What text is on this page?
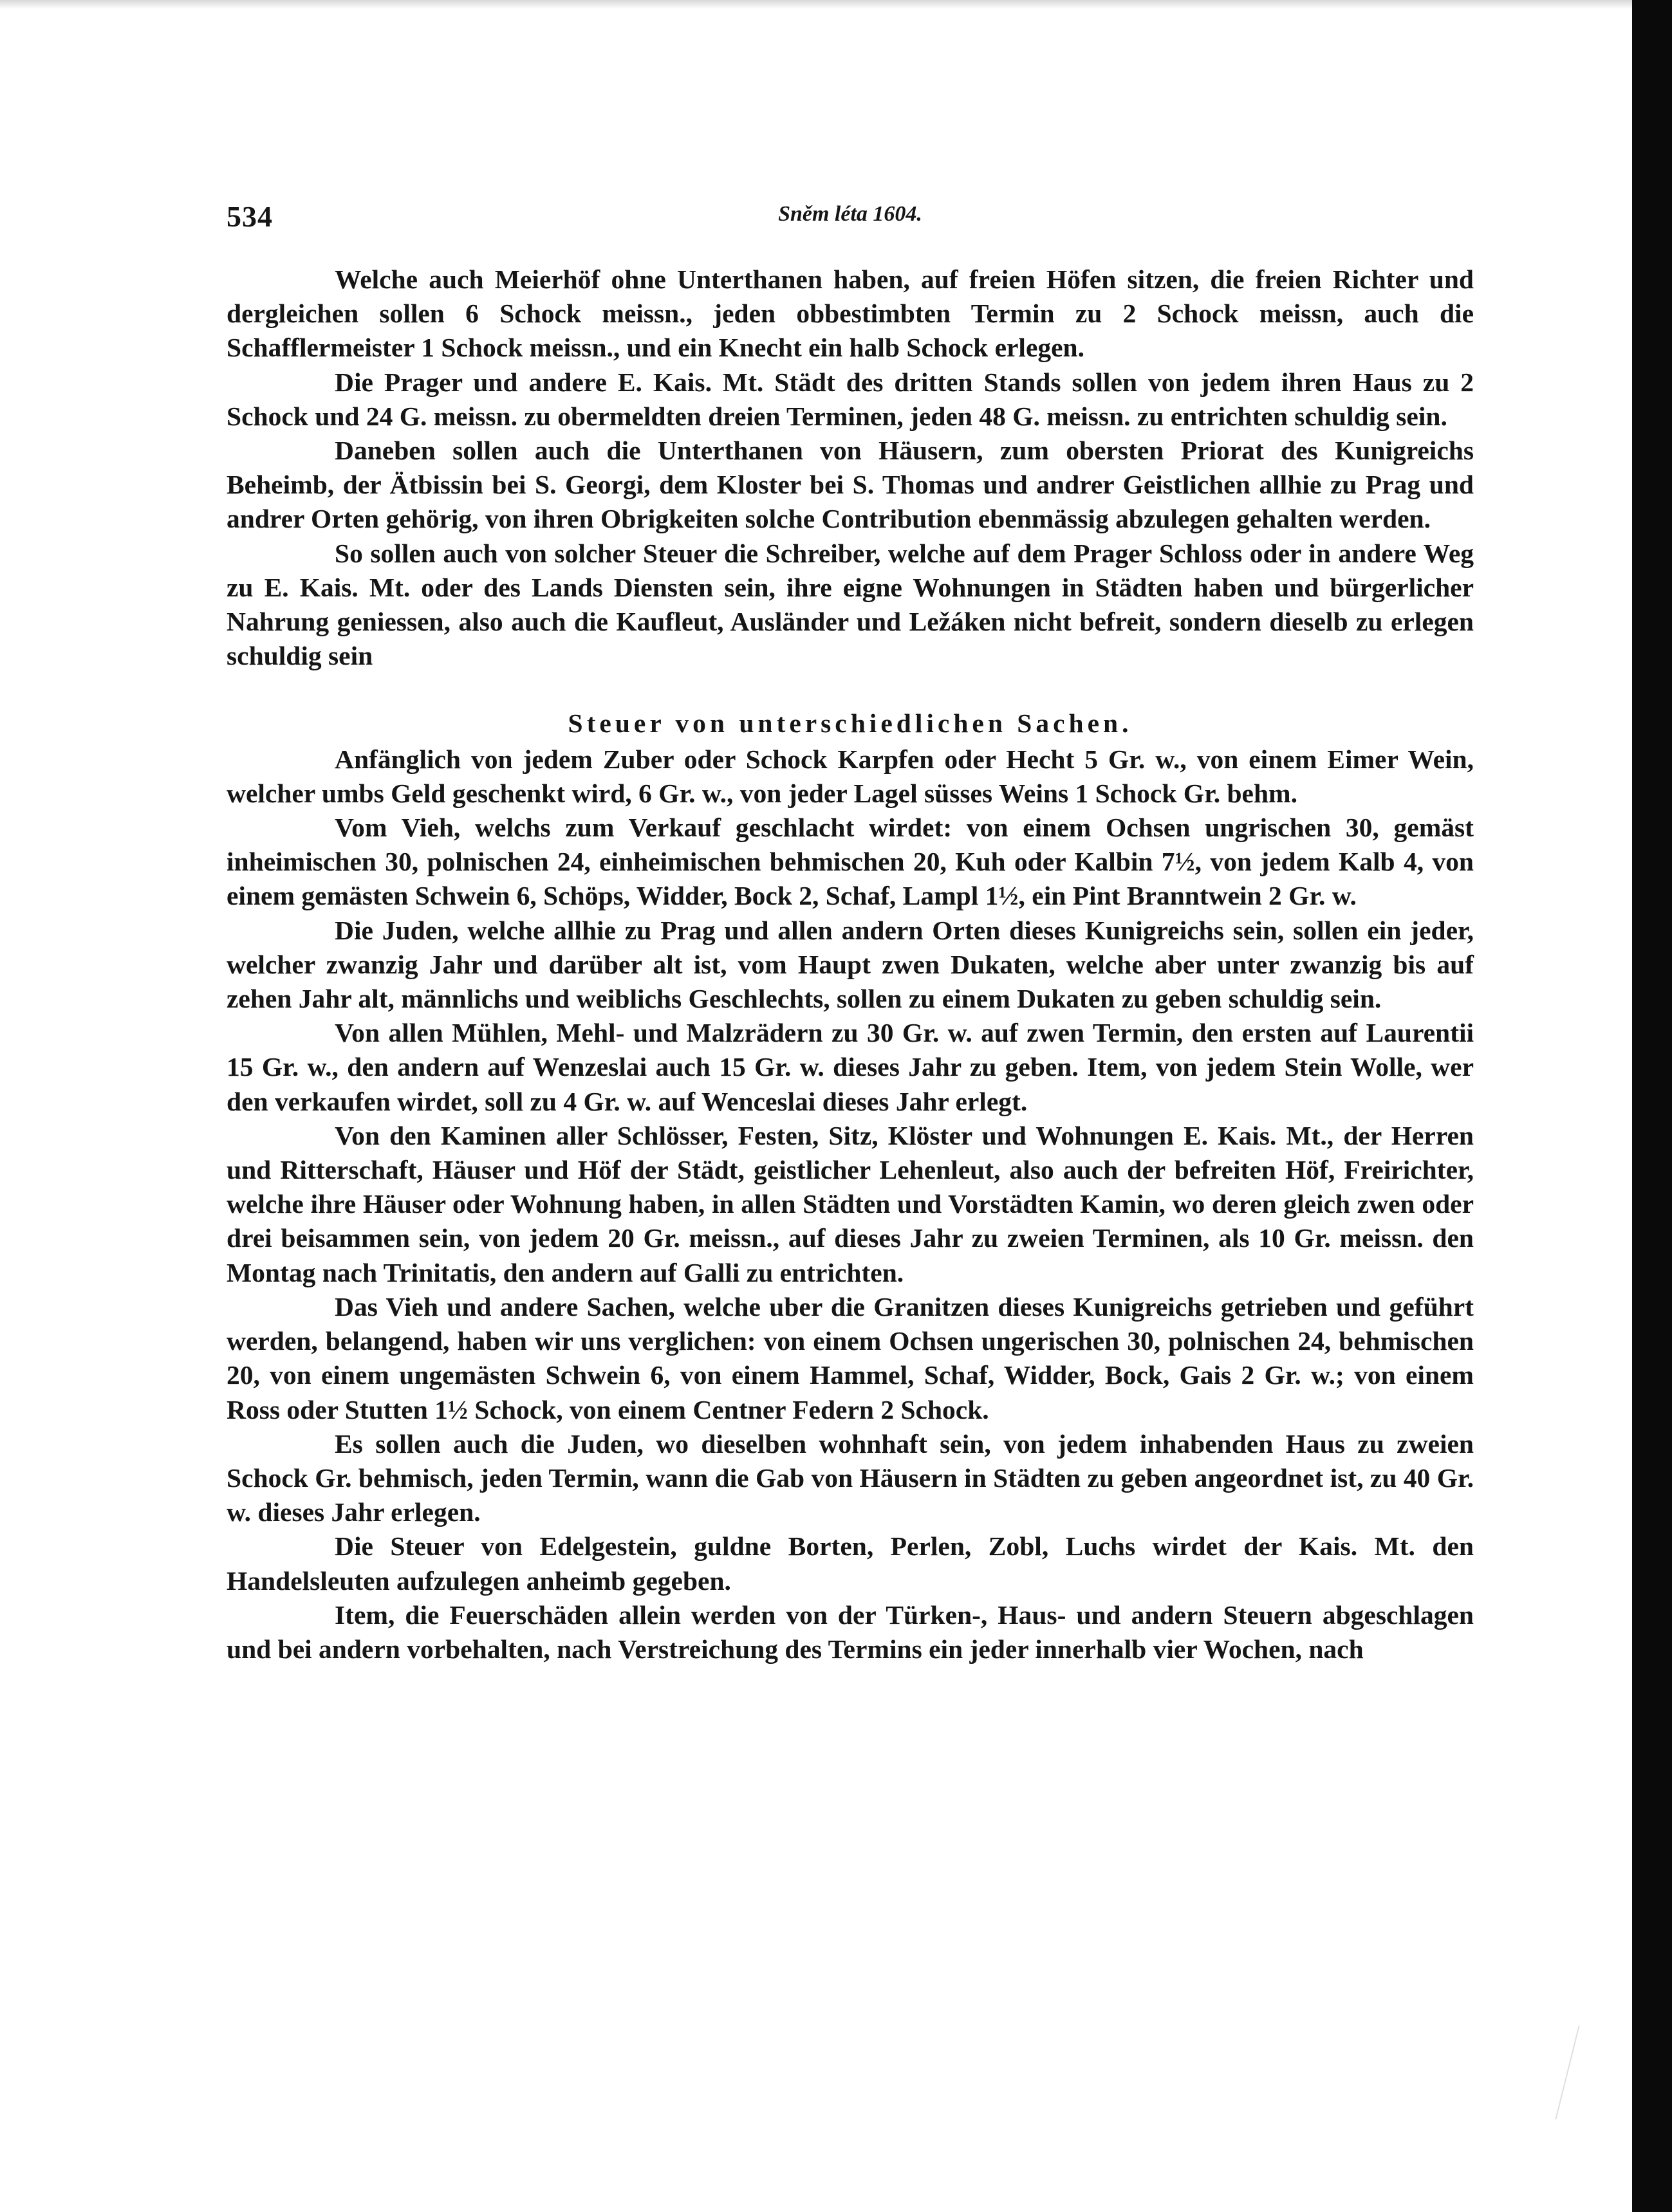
534	Sněm léta 1604.

Welche auch Meierhöf ohne Unterthanen haben, auf freien Höfen sitzen, die freien Richter und dergleichen sollen 6 Schock meissn., jeden obbestimbten Termin zu 2 Schock meissn, auch die Schafflermeister 1 Schock meissn., und ein Knecht ein halb Schock erlegen.

Die Prager und andere E. Kais. Mt. Städt des dritten Stands sollen von jedem ihren Haus zu 2 Schock und 24 G. meissn. zu obermeldten dreien Terminen, jeden 48 G. meissn. zu entrichten schuldig sein.

Daneben sollen auch die Unterthanen von Häusern, zum obersten Priorat des Kunigreichs Beheimb, der Ätbissin bei S. Georgi, dem Kloster bei S. Thomas und andrer Geistlichen allhie zu Prag und andrer Orten gehörig, von ihren Obrigkeiten solche Contribution ebenmässig abzulegen gehalten werden.

So sollen auch von solcher Steuer die Schreiber, welche auf dem Prager Schloss oder in andere Weg zu E. Kais. Mt. oder des Lands Diensten sein, ihre eigne Wohnungen in Städten haben und bürgerlicher Nahrung geniessen, also auch die Kaufleut, Ausländer und Ležáken nicht befreit, sondern dieselb zu erlegen schuldig sein

Steuer von unterschiedlichen Sachen.

Anfänglich von jedem Zuber oder Schock Karpfen oder Hecht 5 Gr. w., von einem Eimer Wein, welcher umbs Geld geschenkt wird, 6 Gr. w., von jeder Lagel süsses Weins 1 Schock Gr. behm.

Vom Vieh, welchs zum Verkauf geschlacht wirdet: von einem Ochsen ungrischen 30, gemäst inheimischen 30, polnischen 24, einheimischen behmischen 20, Kuh oder Kalbin 7½, von jedem Kalb 4, von einem gemästen Schwein 6, Schöps, Widder, Bock 2, Schaf, Lampl 1½, ein Pint Branntwein 2 Gr. w.

Die Juden, welche allhie zu Prag und allen andern Orten dieses Kunigreichs sein, sollen ein jeder, welcher zwanzig Jahr und darüber alt ist, vom Haupt zwen Dukaten, welche aber unter zwanzig bis auf zehen Jahr alt, männlichs und weiblichs Geschlechts, sollen zu einem Dukaten zu geben schuldig sein.

Von allen Mühlen, Mehl- und Malzrädern zu 30 Gr. w. auf zwen Termin, den ersten auf Laurentii 15 Gr. w., den andern auf Wenzeslai auch 15 Gr. w. dieses Jahr zu geben. Item, von jedem Stein Wolle, wer den verkaufen wirdet, soll zu 4 Gr. w. auf Wenceslai dieses Jahr erlegt.

Von den Kaminen aller Schlösser, Festen, Sitz, Klöster und Wohnungen E. Kais. Mt., der Herren und Ritterschaft, Häuser und Höf der Städt, geistlicher Lehenleut, also auch der befreiten Höf, Freirichter, welche ihre Häuser oder Wohnung haben, in allen Städten und Vorstädten Kamin, wo deren gleich zwen oder drei beisammen sein, von jedem 20 Gr. meissn., auf dieses Jahr zu zweien Terminen, als 10 Gr. meissn. den Montag nach Trinitatis, den andern auf Galli zu entrichten.

Das Vieh und andere Sachen, welche uber die Granitzen dieses Kunigreichs getrieben und geführt werden, belangend, haben wir uns verglichen: von einem Ochsen ungerischen 30, polnischen 24, behmischen 20, von einem ungemästen Schwein 6, von einem Hammel, Schaf, Widder, Bock, Gais 2 Gr. w.; von einem Ross oder Stutten 1½ Schock, von einem Centner Federn 2 Schock.

Es sollen auch die Juden, wo dieselben wohnhaft sein, von jedem inhabenden Haus zu zweien Schock Gr. behmisch, jeden Termin, wann die Gab von Häusern in Städten zu geben angeordnet ist, zu 40 Gr. w. dieses Jahr erlegen.

Die Steuer von Edelgestein, guldne Borten, Perlen, Zobl, Luchs wirdet der Kais. Mt. den Handelsleuten aufzulegen anheimb gegeben.

Item, die Feuerschäden allein werden von der Türken-, Haus- und andern Steuern abgeschlagen und bei andern vorbehalten, nach Verstreichung des Termins ein jeder innerhalb vier Wochen, nach
